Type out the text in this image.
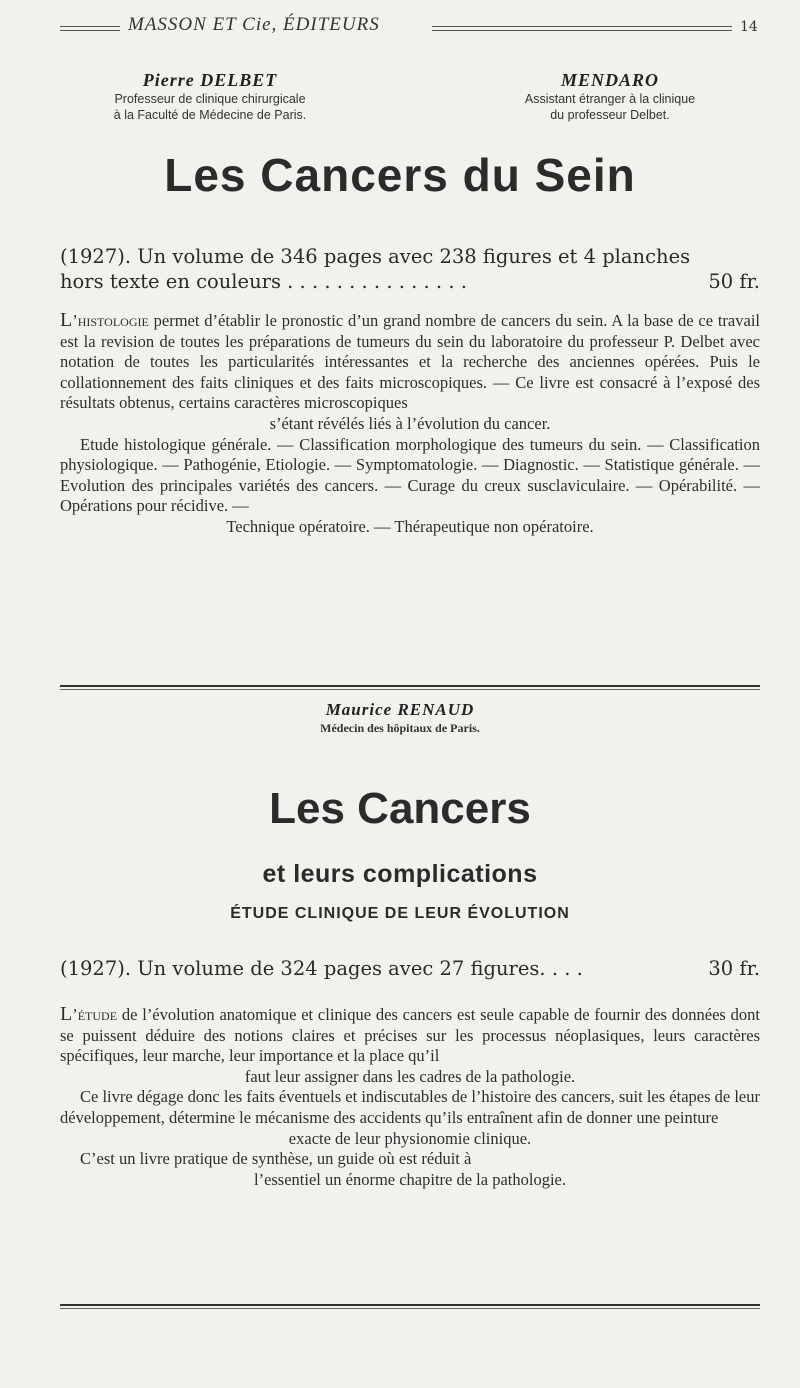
MASSON ET Cie, ÉDITEURS	14
Pierre DELBET
Professeur de clinique chirurgicale
à la Faculté de Médecine de Paris.
MENDARO
Assistant étranger à la clinique
du professeur Delbet.
Les Cancers du Sein
(1927). Un volume de 346 pages avec 238 figures et 4 planches
hors texte en couleurs . . . . . . . . . . . . . . .	50 fr.

L’histologie permet d’établir le pronostic d’un grand nombre de cancers du sein. A la base de ce travail est la revision de toutes les préparations de tumeurs du sein du laboratoire du professeur P. Delbet avec notation de toutes les particularités intéressantes et la recherche des anciennes opérées. Puis le collationnement des faits cliniques et des faits microscopiques. — Ce livre est consacré à l’exposé des résultats obtenus, certains caractères microscopiques

s’étant révélés liés à l’évolution du cancer.

Etude histologique générale. — Classification morphologique des tumeurs du sein. — Classification physiologique. — Pathogénie, Etiologie. — Symptomatologie. — Diagnostic. — Statistique générale. — Evolution des principales variétés des cancers. — Curage du creux susclaviculaire. — Opérabilité. — Opérations pour récidive. —

Technique opératoire. — Thérapeutique non opératoire.

Maurice RENAUD
Médecin des hôpitaux de Paris.
Les Cancers
et leurs complications
ÉTUDE CLINIQUE DE LEUR ÉVOLUTION
(1927). Un volume de 324 pages avec 27 figures. . . .	30 fr.

L’étude de l’évolution anatomique et clinique des cancers est seule capable de fournir des données dont se puissent déduire des notions claires et précises sur les processus néoplasiques, leurs caractères spécifiques, leur marche, leur importance et la place qu’il

faut leur assigner dans les cadres de la pathologie.

Ce livre dégage donc les faits éventuels et indiscutables de l’histoire des cancers, suit les étapes de leur développement, détermine le mécanisme des accidents qu’ils entraînent afin de donner une peinture

exacte de leur physionomie clinique.

C’est un livre pratique de synthèse, un guide où est réduit à

l’essentiel un énorme chapitre de la pathologie.
